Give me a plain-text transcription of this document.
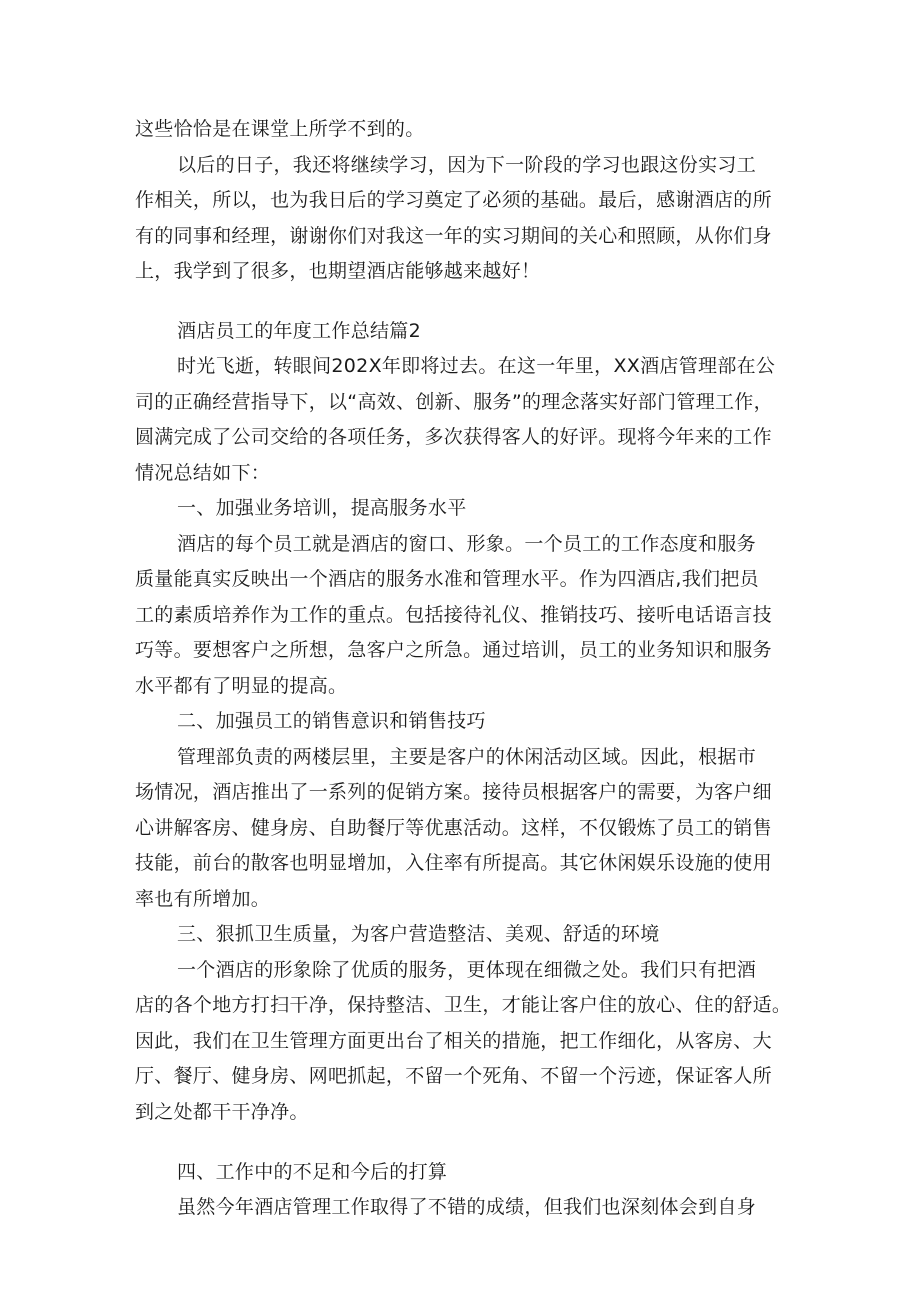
这些恰恰是在课堂上所学不到的。
以后的日子，我还将继续学习，因为下一阶段的学习也跟这份实习工
作相关，所以，也为我日后的学习奠定了必须的基础。最后，感谢酒店的所
有的同事和经理，谢谢你们对我这一年的实习期间的关心和照顾，从你们身
上，我学到了很多，也期望酒店能够越来越好！
酒店员工的年度工作总结篇2
时光飞逝，转眼间202X年即将过去。在这一年里，XX酒店管理部在公
司的正确经营指导下，以“高效、创新、服务”的理念落实好部门管理工作，
圆满完成了公司交给的各项任务，多次获得客人的好评。现将今年来的工作
情况总结如下：
一、加强业务培训，提高服务水平
酒店的每个员工就是酒店的窗口、形象。一个员工的工作态度和服务
质量能真实反映出一个酒店的服务水准和管理水平。作为四酒店,我们把员
工的素质培养作为工作的重点。包括接待礼仪、推销技巧、接听电话语言技
巧等。要想客户之所想，急客户之所急。通过培训，员工的业务知识和服务
水平都有了明显的提高。
二、加强员工的销售意识和销售技巧
管理部负责的两楼层里，主要是客户的休闲活动区域。因此，根据市
场情况，酒店推出了一系列的促销方案。接待员根据客户的需要，为客户细
心讲解客房、健身房、自助餐厅等优惠活动。这样，不仅锻炼了员工的销售
技能，前台的散客也明显增加，入住率有所提高。其它休闲娱乐设施的使用
率也有所增加。
三、狠抓卫生质量，为客户营造整洁、美观、舒适的环境
一个酒店的形象除了优质的服务，更体现在细微之处。我们只有把酒
店的各个地方打扫干净，保持整洁、卫生，才能让客户住的放心、住的舒适。
因此，我们在卫生管理方面更出台了相关的措施，把工作细化，从客房、大
厅、餐厅、健身房、网吧抓起，不留一个死角、不留一个污迹，保证客人所
到之处都干干净净。
四、工作中的不足和今后的打算
虽然今年酒店管理工作取得了不错的成绩，但我们也深刻体会到自身
